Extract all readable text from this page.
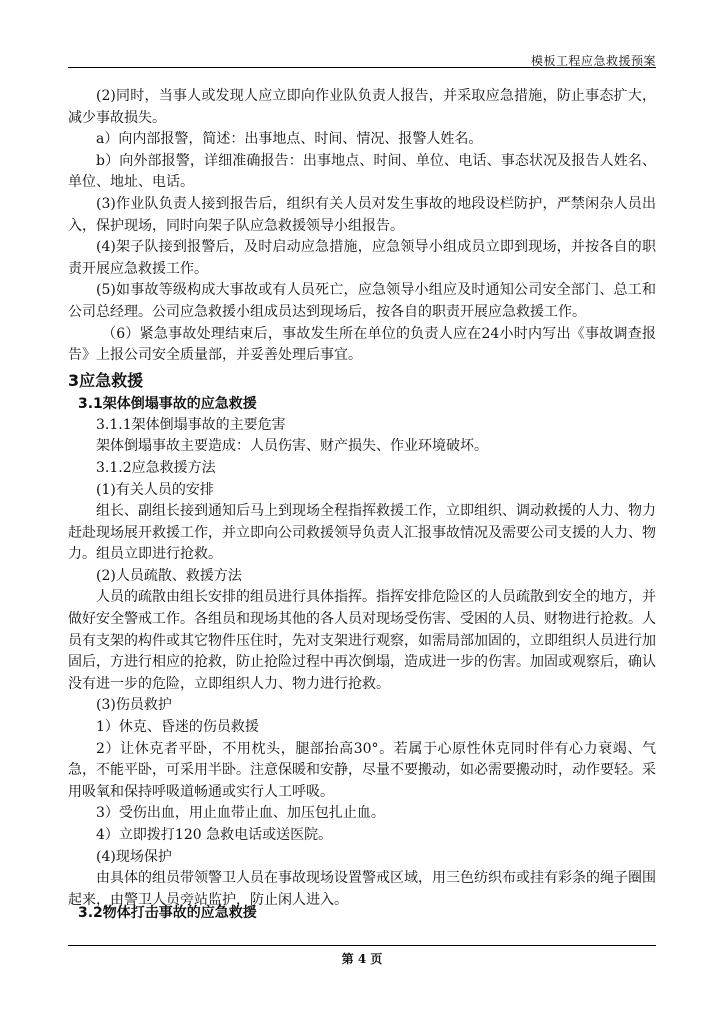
模板工程应急救援预案

(2)同时，当事人或发现人应立即向作业队负责人报告，并采取应急措施，防止事态扩大，减少事故损失。

a）向内部报警，简述：出事地点、时间、情况、报警人姓名。

b）向外部报警，详细准确报告：出事地点、时间、单位、电话、事态状况及报告人姓名、单位、地址、电话。

(3)作业队负责人接到报告后，组织有关人员对发生事故的地段设栏防护，严禁闲杂人员出入，保护现场，同时向架子队应急救援领导小组报告。

(4)架子队接到报警后，及时启动应急措施，应急领导小组成员立即到现场，并按各自的职责开展应急救援工作。

(5)如事故等级构成大事故或有人员死亡，应急领导小组应及时通知公司安全部门、总工和公司总经理。公司应急救援小组成员达到现场后，按各自的职责开展应急救援工作。

（6）紧急事故处理结束后，事故发生所在单位的负责人应在24小时内写出《事故调查报告》上报公司安全质量部，并妥善处理后事宜。

3应急救援
3.1架体倒塌事故的应急救援

3.1.1架体倒塌事故的主要危害

架体倒塌事故主要造成：人员伤害、财产损失、作业环境破坏。

3.1.2应急救援方法

(1)有关人员的安排

组长、副组长接到通知后马上到现场全程指挥救援工作，立即组织、调动救援的人力、物力赶赴现场展开救援工作，并立即向公司救援领导负责人汇报事故情况及需要公司支援的人力、物力。组员立即进行抢救。

(2)人员疏散、救援方法

人员的疏散由组长安排的组员进行具体指挥。指挥安排危险区的人员疏散到安全的地方，并做好安全警戒工作。各组员和现场其他的各人员对现场受伤害、受困的人员、财物进行抢救。人员有支架的构件或其它物件压住时，先对支架进行观察，如需局部加固的，立即组织人员进行加固后，方进行相应的抢救，防止抢险过程中再次倒塌，造成进一步的伤害。加固或观察后，确认没有进一步的危险，立即组织人力、物力进行抢救。

(3)伤员救护

1）休克、昏迷的伤员救援

2）让休克者平卧，不用枕头，腿部抬高30°。若属于心原性休克同时伴有心力衰竭、气急，不能平卧，可采用半卧。注意保暖和安静，尽量不要搬动，如必需要搬动时，动作要轻。采用吸氧和保持呼吸道畅通或实行人工呼吸。

3）受伤出血，用止血带止血、加压包扎止血。

4）立即拨打120 急救电话或送医院。

(4)现场保护

由具体的组员带领警卫人员在事故现场设置警戒区域，用三色纺织布或挂有彩条的绳子圈围起来，由警卫人员旁站监护，防止闲人进入。

3.2物体打击事故的应急救援
第 4 页
